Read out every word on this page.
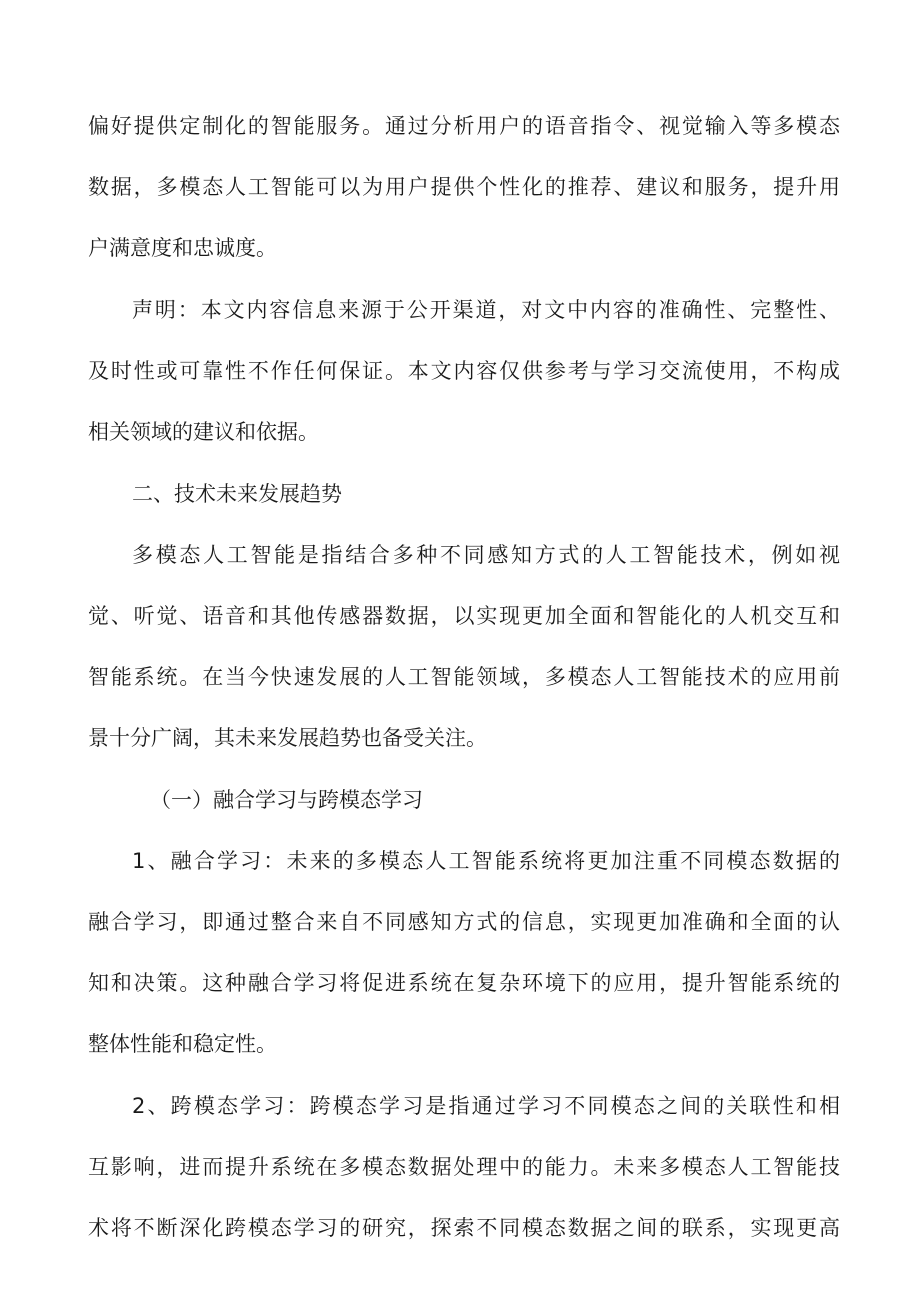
偏好提供定制化的智能服务。通过分析用户的语音指令、视觉输入等多模态

数据，多模态人工智能可以为用户提供个性化的推荐、建议和服务，提升用

户满意度和忠诚度。

声明：本文内容信息来源于公开渠道，对文中内容的准确性、完整性、

及时性或可靠性不作任何保证。本文内容仅供参考与学习交流使用，不构成

相关领域的建议和依据。

二、技术未来发展趋势

多模态人工智能是指结合多种不同感知方式的人工智能技术，例如视

觉、听觉、语音和其他传感器数据，以实现更加全面和智能化的人机交互和

智能系统。在当今快速发展的人工智能领域，多模态人工智能技术的应用前

景十分广阔，其未来发展趋势也备受关注。

（一）融合学习与跨模态学习

1、融合学习：未来的多模态人工智能系统将更加注重不同模态数据的

融合学习，即通过整合来自不同感知方式的信息，实现更加准确和全面的认

知和决策。这种融合学习将促进系统在复杂环境下的应用，提升智能系统的

整体性能和稳定性。

2、跨模态学习：跨模态学习是指通过学习不同模态之间的关联性和相

互影响，进而提升系统在多模态数据处理中的能力。未来多模态人工智能技

术将不断深化跨模态学习的研究，探索不同模态数据之间的联系，实现更高
